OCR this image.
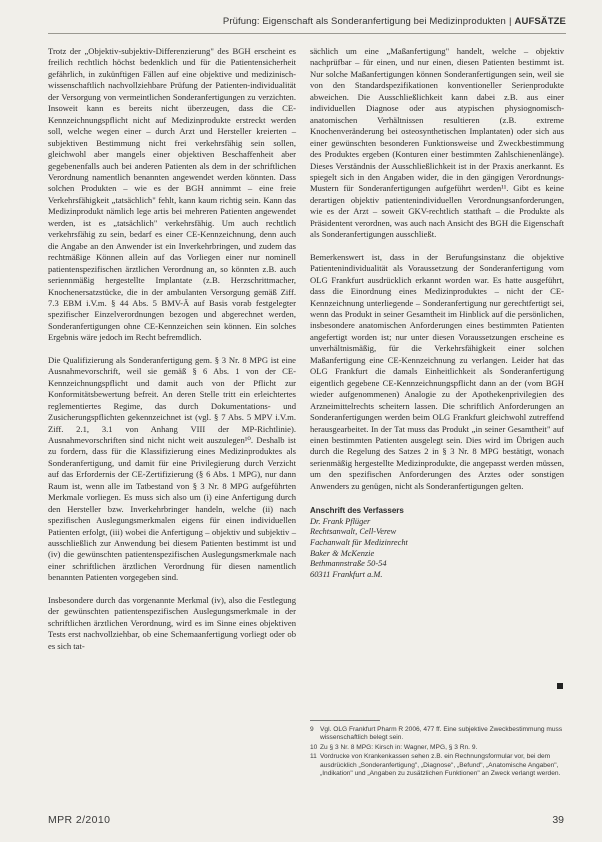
Prüfung: Eigenschaft als Sonderanfertigung bei Medizinprodukten | AUFSÄTZE

Trotz der „Objektiv-subjektiv-Differenzierung" des BGH erscheint es freilich rechtlich höchst bedenklich und für die Patientensicherheit gefährlich, in zukünftigen Fällen auf eine objektive und medizinisch-wissenschaftlich nachvollziehbare Prüfung der Patienten-individualität der Versorgung von vermeintlichen Sonderanfertigungen zu verzichten. Insoweit kann es bereits nicht überzeugen, dass die CE-Kennzeichnungspflicht nicht auf Medizinprodukte erstreckt werden soll, welche wegen einer – durch Arzt und Hersteller kreierten – subjektiven Bestimmung nicht frei verkehrsfähig sein sollen, gleichwohl aber mangels einer objektiven Beschaffenheit aber gegebenenfalls auch bei anderen Patienten als dem in der schriftlichen Verordnung namentlich benannten angewendet werden könnten. Dass solchen Produkten – wie es der BGH annimmt – eine freie Verkehrsfähigkeit „tatsächlich" fehlt, kann kaum richtig sein. Kann das Medizinprodukt nämlich lege artis bei mehreren Patienten angewendet werden, ist es „tatsächlich" verkehrsfähig. Um auch rechtlich verkehrsfähig zu sein, bedarf es einer CE-Kennzeichnung, denn auch die Angabe an den Anwender ist ein Inverkehrbringen, und zudem das rechtmäßige Können allein auf das Vorliegen einer nur nominell patientenspezifischen ärztlichen Verordnung an, so könnten z.B. auch seriennmäßig hergestellte Implantate (z.B. Herzschrittmacher, Knochenersatzstücke, die in der ambulanten Versorgung gemäß Ziff. 7.3 EBM i.V.m. § 44 Abs. 5 BMV-Ä auf Basis vorab festgelegter spezifischer Einzelverordnungen bezogen und abgerechnet werden, Sonderanfertigungen ohne CE-Kennzeichen sein können. Ein solches Ergebnis wäre jedoch im Recht befremdlich.

Die Qualifizierung als Sonderanfertigung gem. § 3 Nr. 8 MPG ist eine Ausnahmevorschrift, weil sie gemäß § 6 Abs. 1 von der CE-Kennzeichnungspflicht und damit auch von der Pflicht zur Konformitätsbewertung befreit. An deren Stelle tritt ein erleichtertes reglementiertes Regime, das durch Dokumentations- und Zusicherungspflichten gekennzeichnet ist (vgl. § 7 Abs. 5 MPV i.V.m. Ziff. 2.1, 3.1 von Anhang VIII der MP-Richtlinie). Ausnahmevorschriften sind nicht nicht weit auszulegen¹⁰. Deshalb ist zu fordern, dass für die Klassifizierung eines Medizinproduktes als Sonderanfertigung, und damit für eine Privilegierung durch Verzicht auf das Erfordernis der CE-Zertifizierung (§ 6 Abs. 1 MPG), nur dann Raum ist, wenn alle im Tatbestand von § 3 Nr. 8 MPG aufgeführten Merkmale vorliegen. Es muss sich also um (i) eine Anfertigung durch den Hersteller bzw. Inverkehrbringer handeln, welche (ii) nach spezifischen Auslegungsmerkmalen eigens für einen individuellen Patienten erfolgt, (iii) wobei die Anfertigung – objektiv und subjektiv – ausschließlich zur Anwendung bei diesem Patienten bestimmt ist und (iv) die gewünschten patientenspezifischen Auslegungsmerkmale nach einer schriftlichen ärztlichen Verordnung für diesen namentlich benannten Patienten vorgegeben sind.

Insbesondere durch das vorgenannte Merkmal (iv), also die Festlegung der gewünschten patientenspezifischen Auslegungsmerkmale in der schriftlichen ärztlichen Verordnung, wird es im Sinne eines objektiven Tests erst nachvollziehbar, ob eine Schemaanfertigung vorliegt oder ob es sich tat-

sächlich um eine „Maßanfertigung" handelt, welche – objektiv nachprüfbar – für einen, und nur einen, diesen Patienten bestimmt ist. Nur solche Maßanfertigungen können Sonderanfertigungen sein, weil sie von den Standardspezifikationen konventioneller Serienprodukte abweichen. Die Ausschließlichkeit kann dabei z.B. aus einer individuellen Diagnose oder aus atypischen physiognomisch-anatomischen Verhältnissen resultieren (z.B. extreme Knochenveränderung bei osteosynthetischen Implantaten) oder sich aus einer gewünschten besonderen Funktionsweise und Zweckbestimmung des Produktes ergeben (Konturen einer bestimmten Zahlschienenlänge). Dieses Verständnis der Ausschließlichkeit ist in der Praxis anerkannt. Es spiegelt sich in den Angaben wider, die in den gängigen Verordnungs-Mustern für Sonderanfertigungen aufgeführt werden¹¹. Gibt es keine derartigen objektiv patientenindividuellen Verordnungsanforderungen, wie es der Arzt – soweit GKV-rechtlich statthaft – die Produkte als Präsidentent verordnen, was auch nach Ansicht des BGH die Eigenschaft als Sonderanfertigungen ausschließt.

Bemerkenswert ist, dass in der Berufungsinstanz die objektive Patientenindividualität als Voraussetzung der Sonderanfertigung vom OLG Frankfurt ausdrücklich erkannt worden war. Es hatte ausgeführt, dass die Einordnung eines Medizinproduktes – nicht der CE-Kennzeichnung unterliegende – Sonderanfertigung nur gerechtfertigt sei, wenn das Produkt in seiner Gesamtheit im Hinblick auf die persönlichen, insbesondere anatomischen Anforderungen eines bestimmten Patienten angefertigt worden ist; nur unter diesen Voraussetzungen erscheine es unverhältnismäßig, für die Verkehrsfähigkeit einer solchen Maßanfertigung eine CE-Kennzeichnung zu verlangen. Leider hat das OLG Frankfurt die damals Einheitlichkeit als Sonderanfertigung eigentlich gegebene CE-Kennzeichnungspflicht dann an der (vom BGH wieder aufgenommenen) Analogie zu der Apothekenprivilegien des Arzneimittelrechts scheitern lassen. Die schriftlich Anforderungen an Sonderanfertigungen werden beim OLG Frankfurt gleichwohl zutreffend herausgearbeitet. In der Tat muss das Produkt „in seiner Gesamtheit" auf einen bestimmten Patienten ausgelegt sein. Dies wird im Übrigen auch durch die Regelung des Satzes 2 in § 3 Nr. 8 MPG bestätigt, wonach serienmäßig hergestellte Medizinprodukte, die angepasst werden müssen, um den spezifischen Anforderungen des Arztes oder sonstigen Anwenders zu genügen, nicht als Sonderanfertigungen gelten.

Anschrift des Verfassers
Dr. Frank Pflüger
Rechtsanwalt, Cell-Verew
Fachanwalt für Medizinrecht
Baker & McKenzie
Bethmannstraße 50-54
60311 Frankfurt a.M.
9 Vgl. OLG Frankfurt Pharm R 2006, 477 ff. Eine subjektive Zweckbestimmung muss wissenschaftlich belegt sein.
10 Zu § 3 Nr. 8 MPG: Kirsch in: Wagner, MPG, § 3 Rn. 9.
11 Vordrucke von Krankenkassen sehen z.B. ein Rechnungsformular vor, bei dem ausdrücklich „Sonderanfertigung", „Diagnose", „Befund", „Anatomische Angaben", „Indikation" und „Angaben zu zusätzlichen Funktionen" an Zweck verlangt werden.
MPR 2/2010	39
